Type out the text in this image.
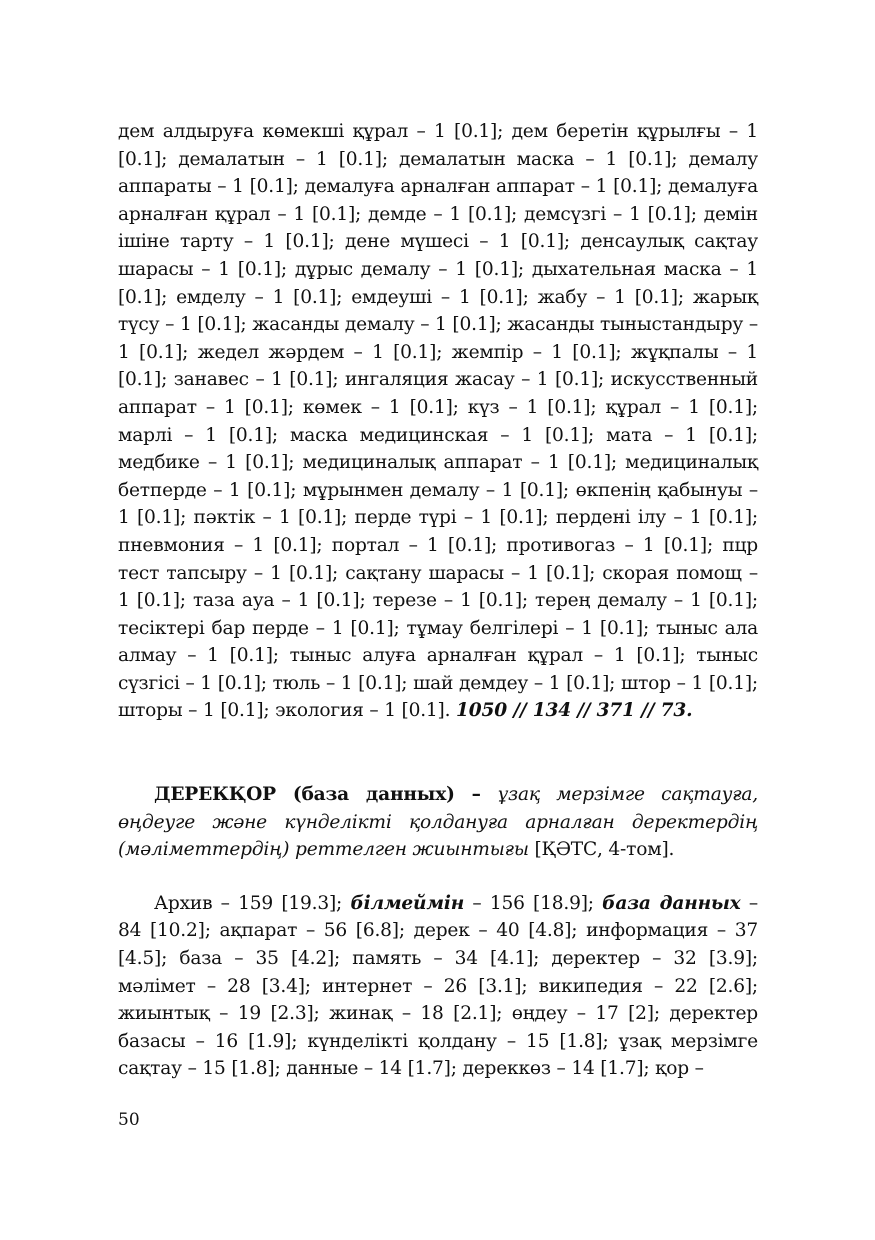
дем алдыруға көмекші құрал – 1 [0.1]; дем беретін құрылғы – 1 [0.1]; демалатын – 1 [0.1]; демалатын маска – 1 [0.1]; демалу аппараты – 1 [0.1]; демалуға арналған аппарат – 1 [0.1]; демалуға арналған құрал – 1 [0.1]; демде – 1 [0.1]; демсүзгі – 1 [0.1]; демін ішіне тарту – 1 [0.1]; дене мүшесі – 1 [0.1]; денсаулық сақтау шарасы – 1 [0.1]; дұрыс демалу – 1 [0.1]; дыхательная маска – 1 [0.1]; емделу – 1 [0.1]; емдеуші – 1 [0.1]; жабу – 1 [0.1]; жарық түсу – 1 [0.1]; жасанды демалу – 1 [0.1]; жасанды тыныстандыру – 1 [0.1]; жедел жәрдем – 1 [0.1]; жемпір – 1 [0.1]; жұқпалы – 1 [0.1]; занавес – 1 [0.1]; ингаляция жасау – 1 [0.1]; искусственный аппарат – 1 [0.1]; көмек – 1 [0.1]; күз – 1 [0.1]; құрал – 1 [0.1]; марлі – 1 [0.1]; маска медицинская – 1 [0.1]; мата – 1 [0.1]; медбике – 1 [0.1]; медициналық аппарат – 1 [0.1]; медициналық бетперде – 1 [0.1]; мұрынмен демалу – 1 [0.1]; өкпенің қабынуы – 1 [0.1]; пәктік – 1 [0.1]; перде түрі – 1 [0.1]; пердені ілу – 1 [0.1]; пневмония – 1 [0.1]; портал – 1 [0.1]; противогаз – 1 [0.1]; пцр тест тапсыру – 1 [0.1]; сақтану шарасы – 1 [0.1]; скорая помощ – 1 [0.1]; таза ауа – 1 [0.1]; терезе – 1 [0.1]; терең демалу – 1 [0.1]; тесіктері бар перде – 1 [0.1]; тұмау белгілері – 1 [0.1]; тыныс ала алмау – 1 [0.1]; тыныс алуға арналған құрал – 1 [0.1]; тыныс сүзгісі – 1 [0.1]; тюль – 1 [0.1]; шай демдеу – 1 [0.1]; штор – 1 [0.1]; шторы – 1 [0.1]; экология – 1 [0.1]. 1050 // 134 // 371 // 73.

ДЕРЕКҚОР (база данных) – ұзақ мерзімге сақтауға, өңдеуге және күнделікті қолдануға арналған деректердің (мәліметтердің) реттелген жиынтығы [ҚӘТС, 4-том].

Архив – 159 [19.3]; білмеймін – 156 [18.9]; база данных – 84 [10.2]; ақпарат – 56 [6.8]; дерек – 40 [4.8]; информация – 37 [4.5]; база – 35 [4.2]; память – 34 [4.1]; деректер – 32 [3.9]; мәлімет – 28 [3.4]; интернет – 26 [3.1]; википедия – 22 [2.6]; жиынтық – 19 [2.3]; жинақ – 18 [2.1]; өңдеу – 17 [2]; деректер базасы – 16 [1.9]; күнделікті қолдану – 15 [1.8]; ұзақ мерзімге сақтау – 15 [1.8]; данные – 14 [1.7]; дереккөз – 14 [1.7]; қор –

50
